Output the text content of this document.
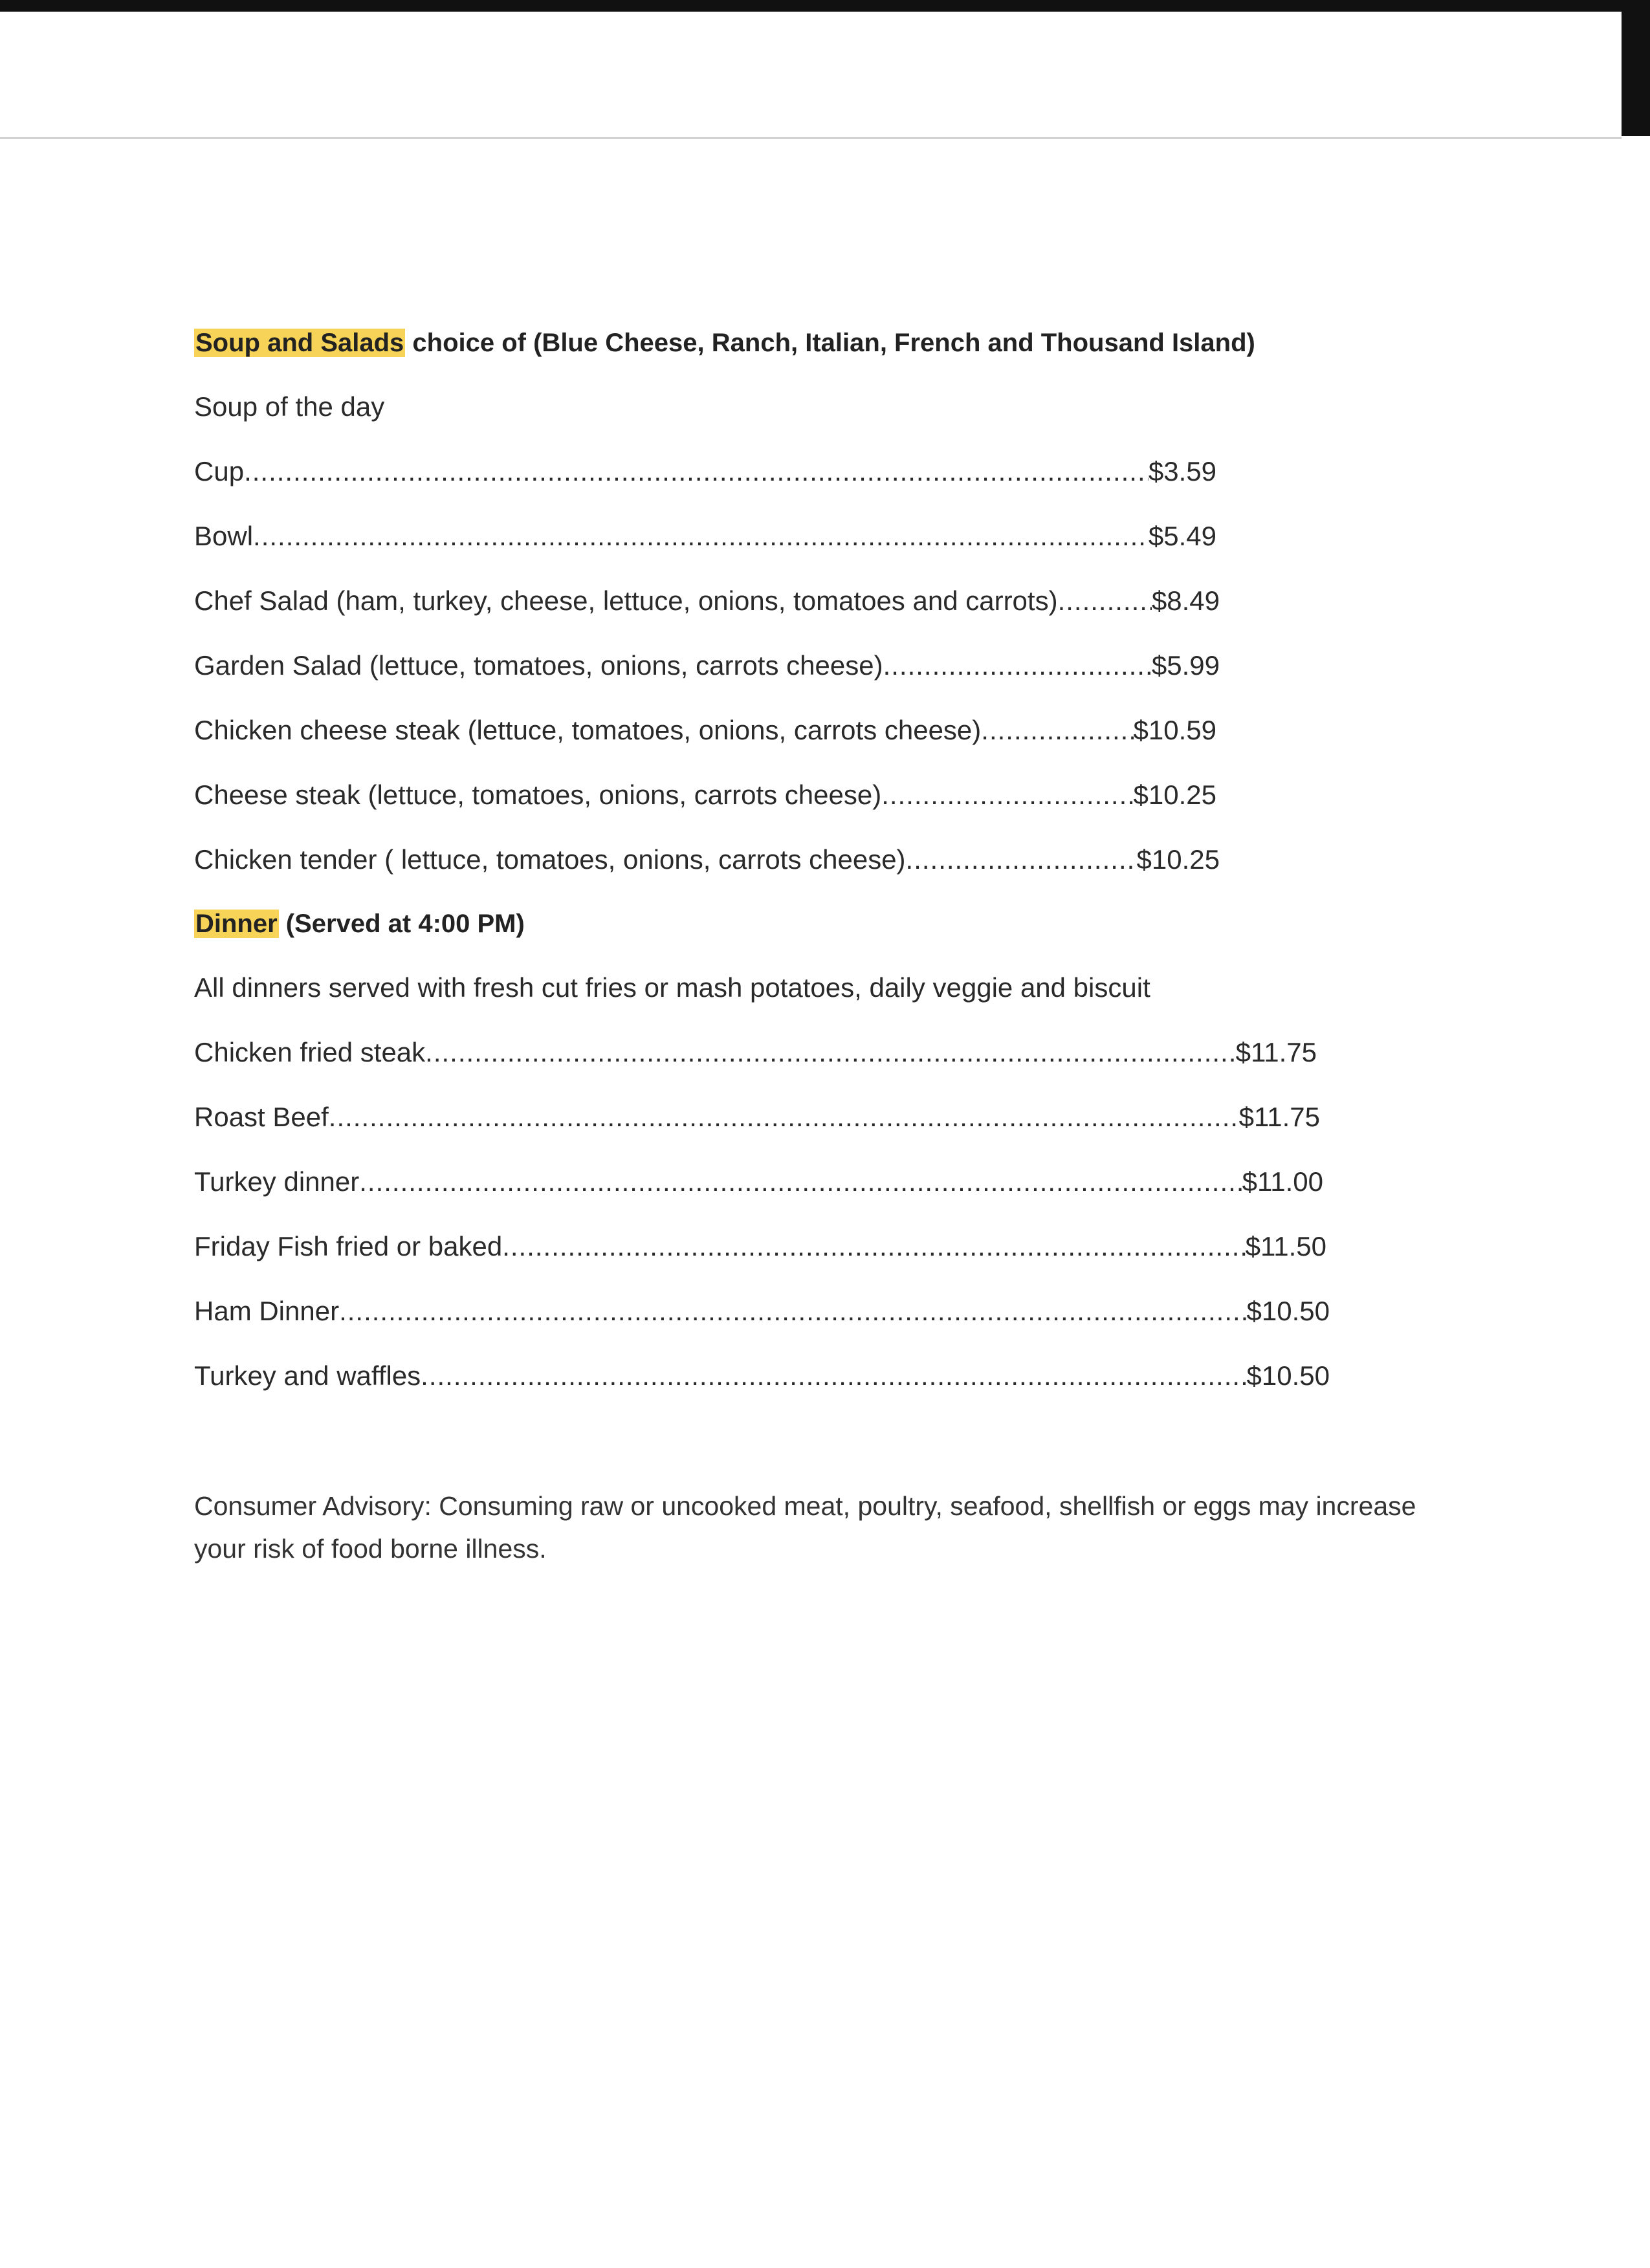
Soup and Salads choice of (Blue Cheese, Ranch, Italian, French and Thousand Island)
Soup of the day
Cup .....	$3.59
Bowl .....	$5.49
Chef Salad (ham, turkey, cheese, lettuce, onions, tomatoes and carrots) .....	$8.49
Garden Salad (lettuce, tomatoes, onions, carrots cheese) .....	$5.99
Chicken cheese steak (lettuce, tomatoes, onions, carrots cheese) .....	$10.59
Cheese steak (lettuce, tomatoes, onions, carrots cheese) .....	$10.25
Chicken tender ( lettuce, tomatoes, onions, carrots cheese) .....	$10.25
Dinner (Served at 4:00 PM)
All dinners served with fresh cut fries or mash potatoes, daily veggie and biscuit
Chicken fried steak .....	$11.75
Roast Beef .....	$11.75
Turkey dinner .....	$11.00
Friday Fish fried or baked .....	$11.50
Ham Dinner .....	$10.50
Turkey and waffles .....	$10.50
Consumer Advisory: Consuming raw or uncooked meat, poultry, seafood, shellfish or eggs may increase your risk of food borne illness.
